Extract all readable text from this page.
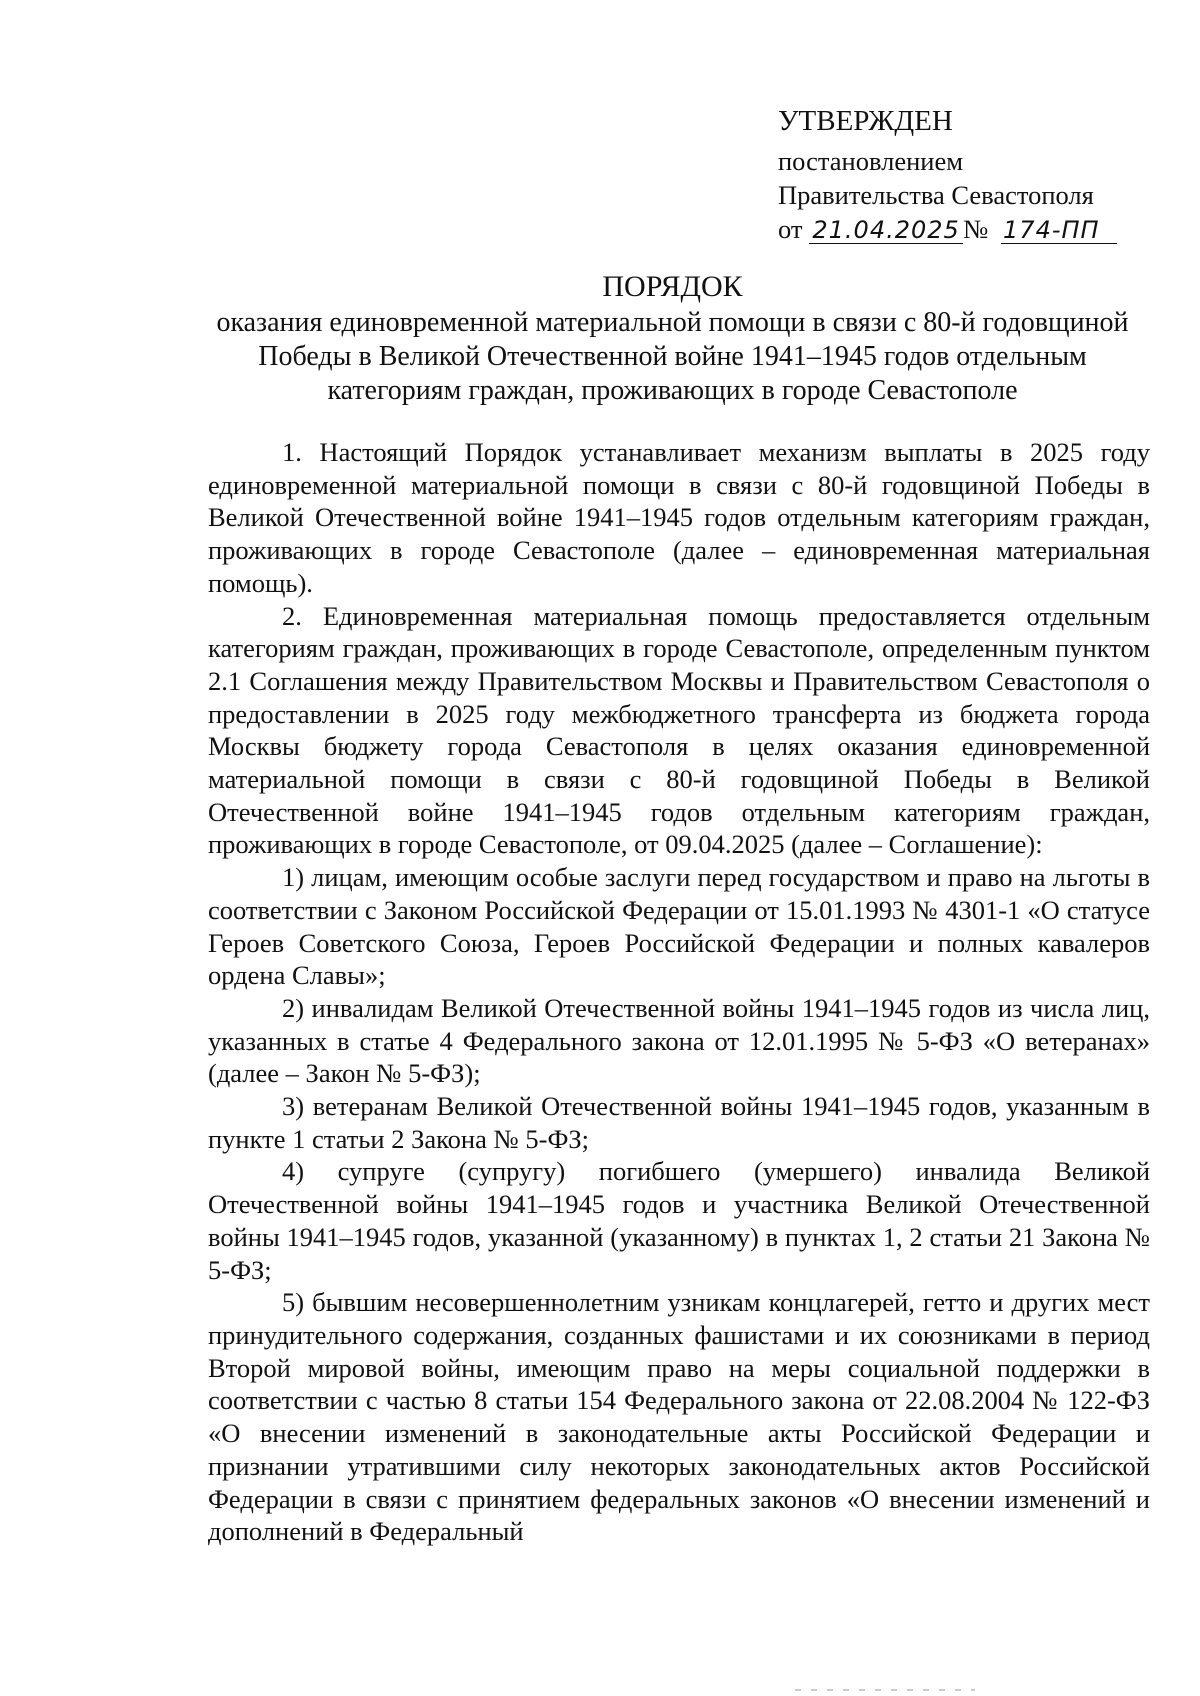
УТВЕРЖДЕН
постановлением
Правительства Севастополя
от 21.04.2025 № 174-ПП
ПОРЯДОК
оказания единовременной материальной помощи в связи с 80-й годовщиной Победы в Великой Отечественной войне 1941–1945 годов отдельным категориям граждан, проживающих в городе Севастополе
1. Настоящий Порядок устанавливает механизм выплаты в 2025 году единовременной материальной помощи в связи с 80-й годовщиной Победы в Великой Отечественной войне 1941–1945 годов отдельным категориям граждан, проживающих в городе Севастополе (далее – единовременная материальная помощь).
2. Единовременная материальная помощь предоставляется отдельным категориям граждан, проживающих в городе Севастополе, определенным пунктом 2.1 Соглашения между Правительством Москвы и Правительством Севастополя о предоставлении в 2025 году межбюджетного трансферта из бюджета города Москвы бюджету города Севастополя в целях оказания единовременной материальной помощи в связи с 80-й годовщиной Победы в Великой Отечественной войне 1941–1945 годов отдельным категориям граждан, проживающих в городе Севастополе, от 09.04.2025 (далее – Соглашение):
1) лицам, имеющим особые заслуги перед государством и право на льготы в соответствии с Законом Российской Федерации от 15.01.1993 № 4301-1 «О статусе Героев Советского Союза, Героев Российской Федерации и полных кавалеров ордена Славы»;
2) инвалидам Великой Отечественной войны 1941–1945 годов из числа лиц, указанных в статье 4 Федерального закона от 12.01.1995 № 5-ФЗ «О ветеранах» (далее – Закон № 5-ФЗ);
3) ветеранам Великой Отечественной войны 1941–1945 годов, указанным в пункте 1 статьи 2 Закона № 5-ФЗ;
4) супруге (супругу) погибшего (умершего) инвалида Великой Отечественной войны 1941–1945 годов и участника Великой Отечественной войны 1941–1945 годов, указанной (указанному) в пунктах 1, 2 статьи 21 Закона № 5-ФЗ;
5) бывшим несовершеннолетним узникам концлагерей, гетто и других мест принудительного содержания, созданных фашистами и их союзниками в период Второй мировой войны, имеющим право на меры социальной поддержки в соответствии с частью 8 статьи 154 Федерального закона от 22.08.2004 № 122-ФЗ «О внесении изменений в законодательные акты Российской Федерации и признании утратившими силу некоторых законодательных актов Российской Федерации в связи с принятием федеральных законов «О внесении изменений и дополнений в Федеральный
